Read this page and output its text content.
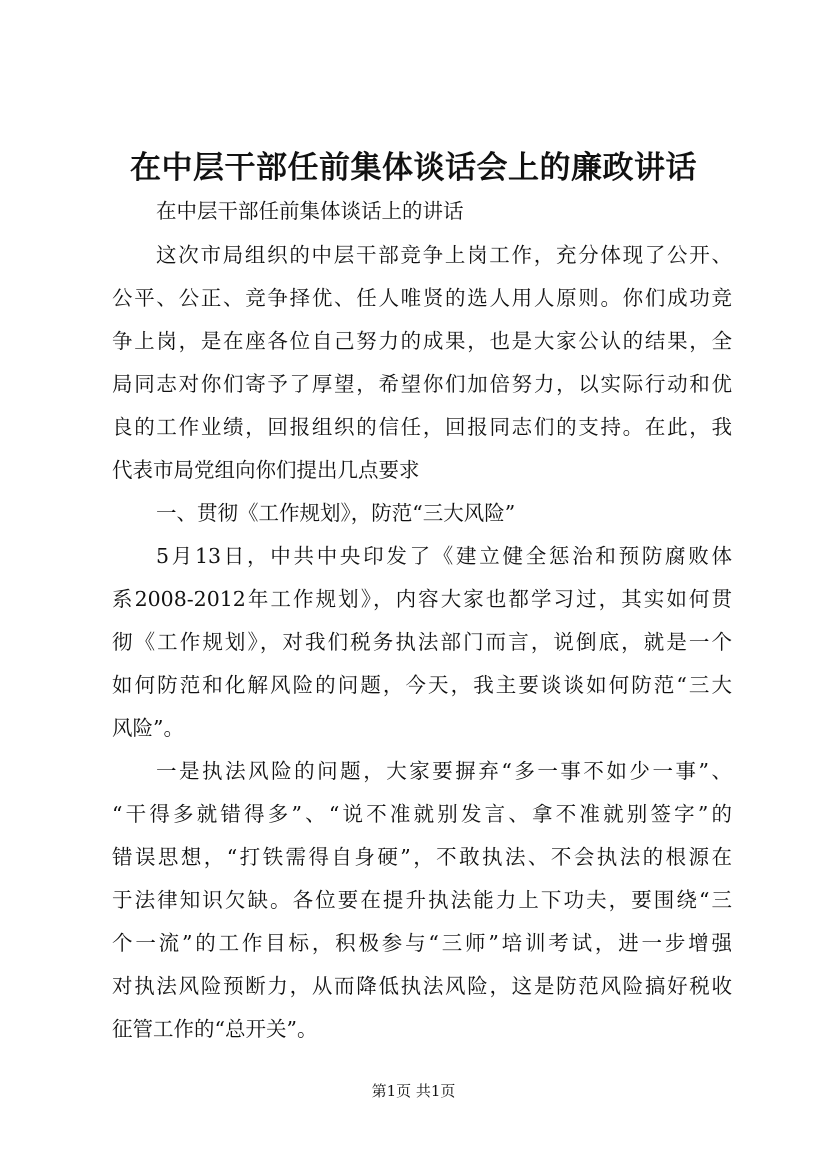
在中层干部任前集体谈话会上的廉政讲话
在中层干部任前集体谈话上的讲话
这次市局组织的中层干部竞争上岗工作，充分体现了公开、
公平、公正、竞争择优、任人唯贤的选人用人原则。你们成功竞
争上岗，是在座各位自己努力的成果，也是大家公认的结果，全
局同志对你们寄予了厚望，希望你们加倍努力，以实际行动和优
良的工作业绩，回报组织的信任，回报同志们的支持。在此，我
代表市局党组向你们提出几点要求
一、贯彻《工作规划》，防范“三大风险”
5月13日，中共中央印发了《建立健全惩治和预防腐败体
系2008-2012年工作规划》，内容大家也都学习过，其实如何贯
彻《工作规划》，对我们税务执法部门而言，说倒底，就是一个
如何防范和化解风险的问题，今天，我主要谈谈如何防范“三大
风险”。
一是执法风险的问题，大家要摒弃“多一事不如少一事”、
“干得多就错得多”、“说不准就别发言、拿不准就别签字”的
错误思想，“打铁需得自身硬”，不敢执法、不会执法的根源在
于法律知识欠缺。各位要在提升执法能力上下功夫，要围绕“三
个一流”的工作目标，积极参与“三师”培训考试，进一步增强
对执法风险预断力，从而降低执法风险，这是防范风险搞好税收
征管工作的“总开关”。
第1页 共1页
